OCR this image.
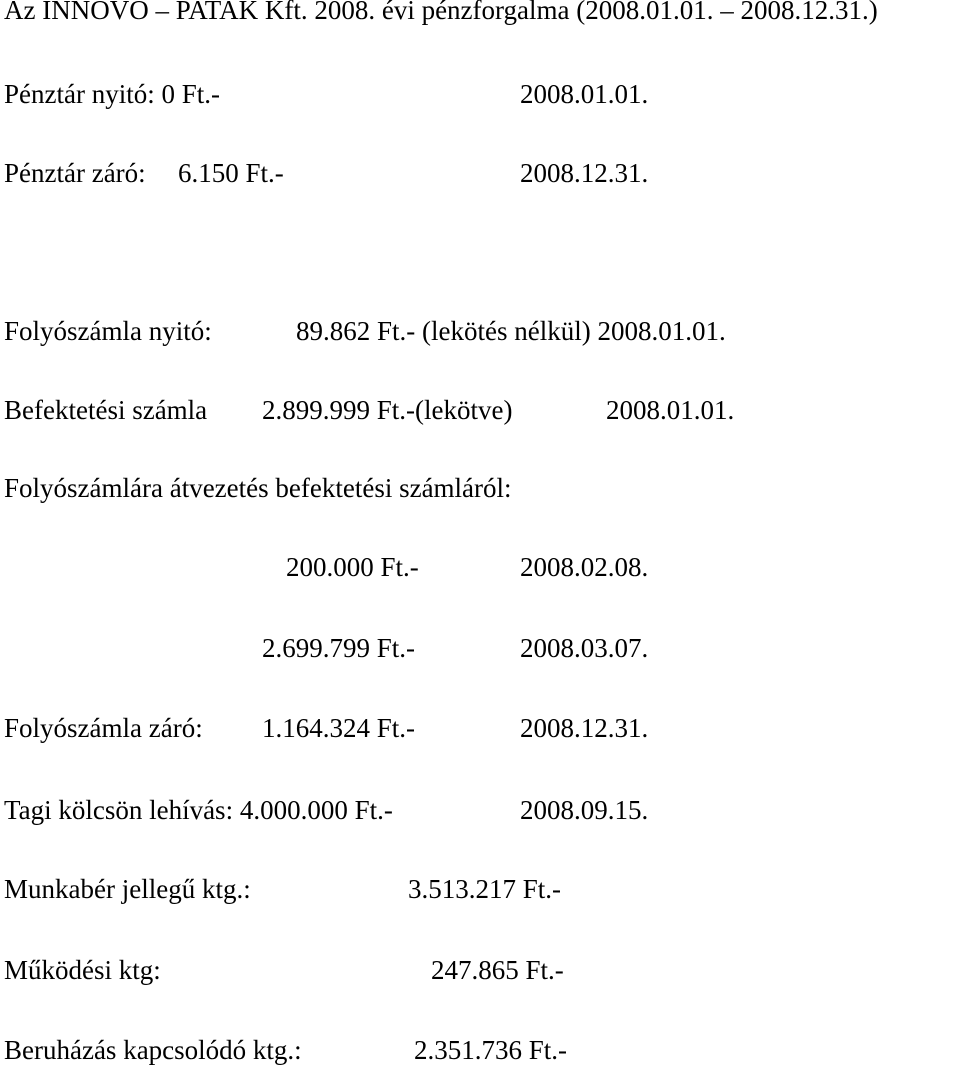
Az INNOVO – PATAK Kft. 2008. évi pénzforgalma (2008.01.01. – 2008.12.31.)
Pénztár nyitó: 0 Ft.-	2008.01.01.
Pénztár záró: 6.150 Ft.-	2008.12.31.
Folyószámla nyitó:	89.862 Ft.- (lekötés nélkül) 2008.01.01.
Befektetési számla 2.899.999 Ft.-(lekötve)	2008.01.01.
Folyószámlára átvezetés befektetési számláról:
200.000 Ft.-	2008.02.08.
2.699.799 Ft.-	2008.03.07.
Folyószámla záró: 1.164.324 Ft.-	2008.12.31.
Tagi kölcsön lehívás: 4.000.000 Ft.-	2008.09.15.
Munkabér jellegű ktg.:	3.513.217 Ft.-
Működési ktg:	247.865 Ft.-
Beruházás kapcsolódó ktg.:	2.351.736 Ft.-
